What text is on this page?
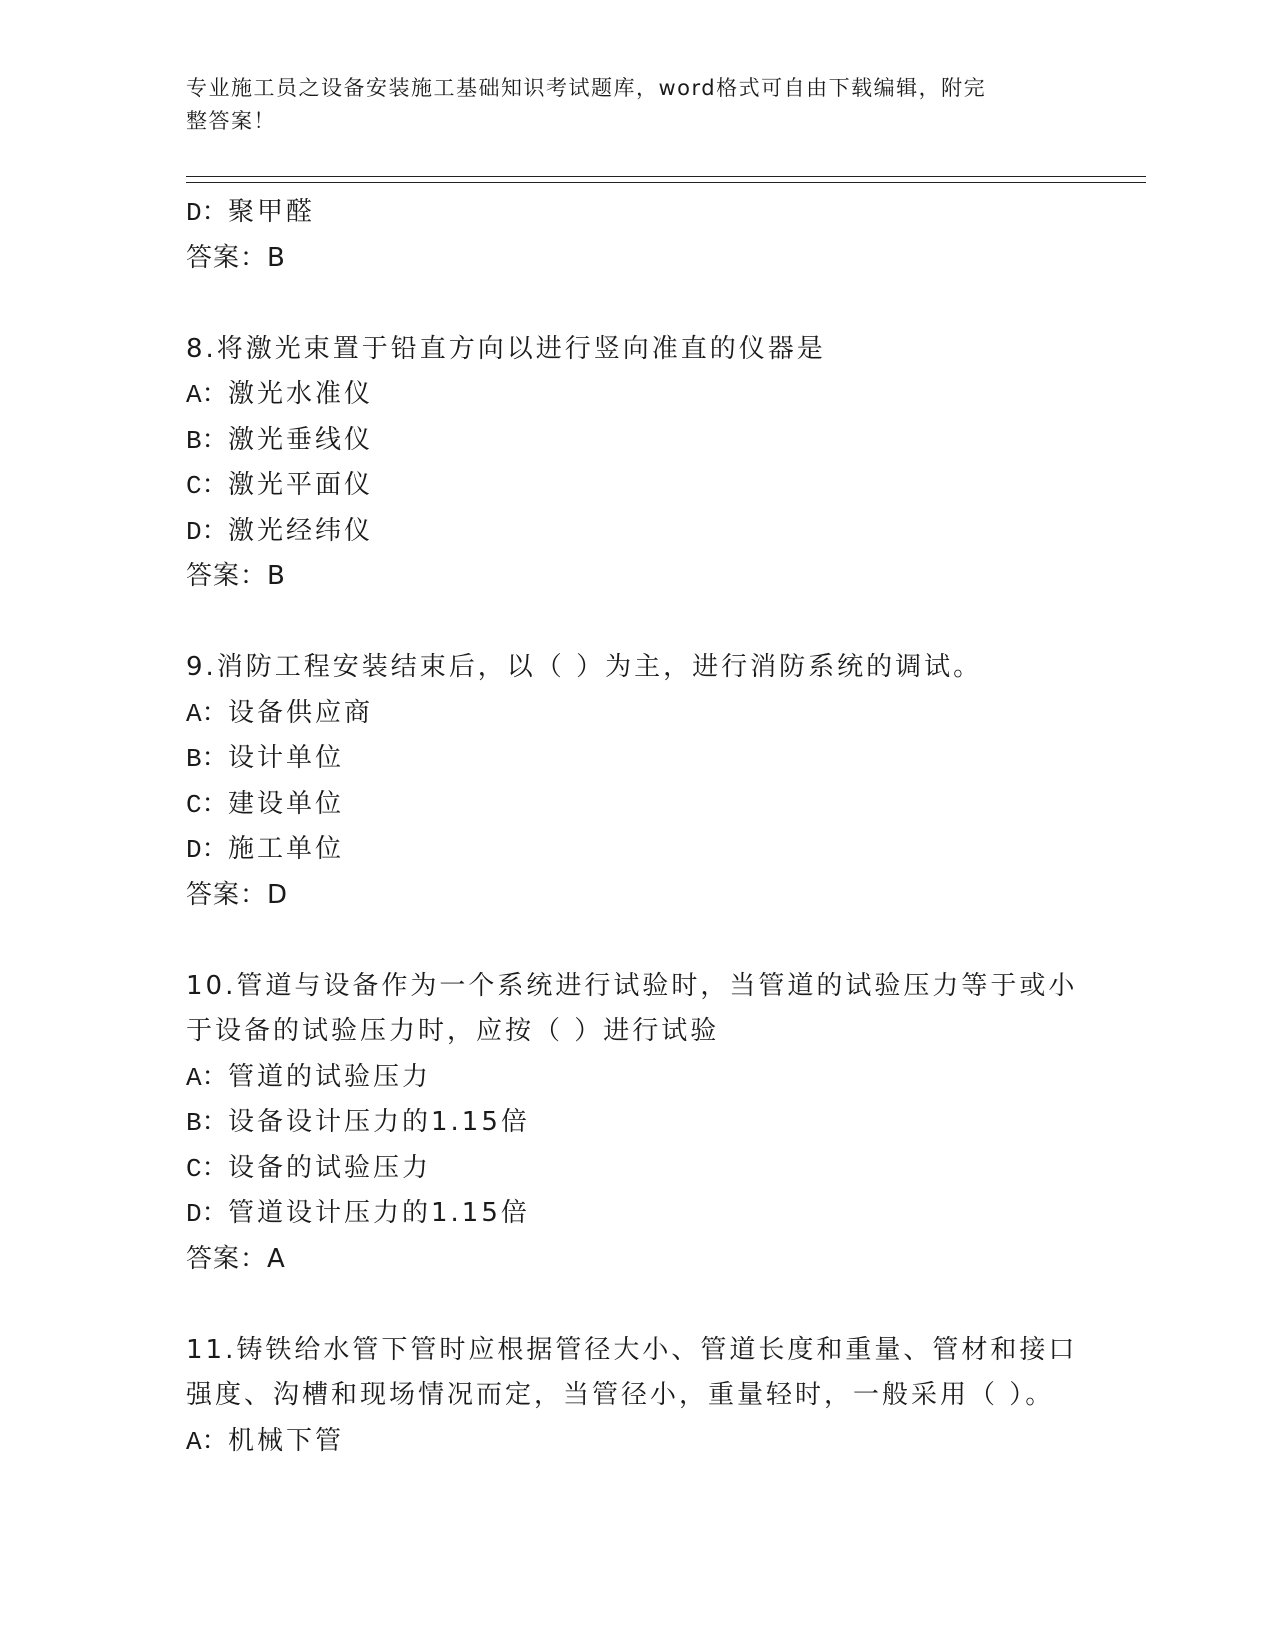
专业施工员之设备安装施工基础知识考试题库，word格式可自由下载编辑，附完
整答案！
D：聚甲醛
答案：B
8.将激光束置于铅直方向以进行竖向准直的仪器是
A：激光水准仪
B：激光垂线仪
C：激光平面仪
D：激光经纬仪
答案：B
9.消防工程安装结束后，以（ ）为主，进行消防系统的调试。
A：设备供应商
B：设计单位
C：建设单位
D：施工单位
答案：D
10.管道与设备作为一个系统进行试验时，当管道的试验压力等于或小
于设备的试验压力时，应按（ ）进行试验
A：管道的试验压力
B：设备设计压力的1.15倍
C：设备的试验压力
D：管道设计压力的1.15倍
答案：A
11.铸铁给水管下管时应根据管径大小、管道长度和重量、管材和接口
强度、沟槽和现场情况而定，当管径小，重量轻时，一般采用（ ）。
A：机械下管
